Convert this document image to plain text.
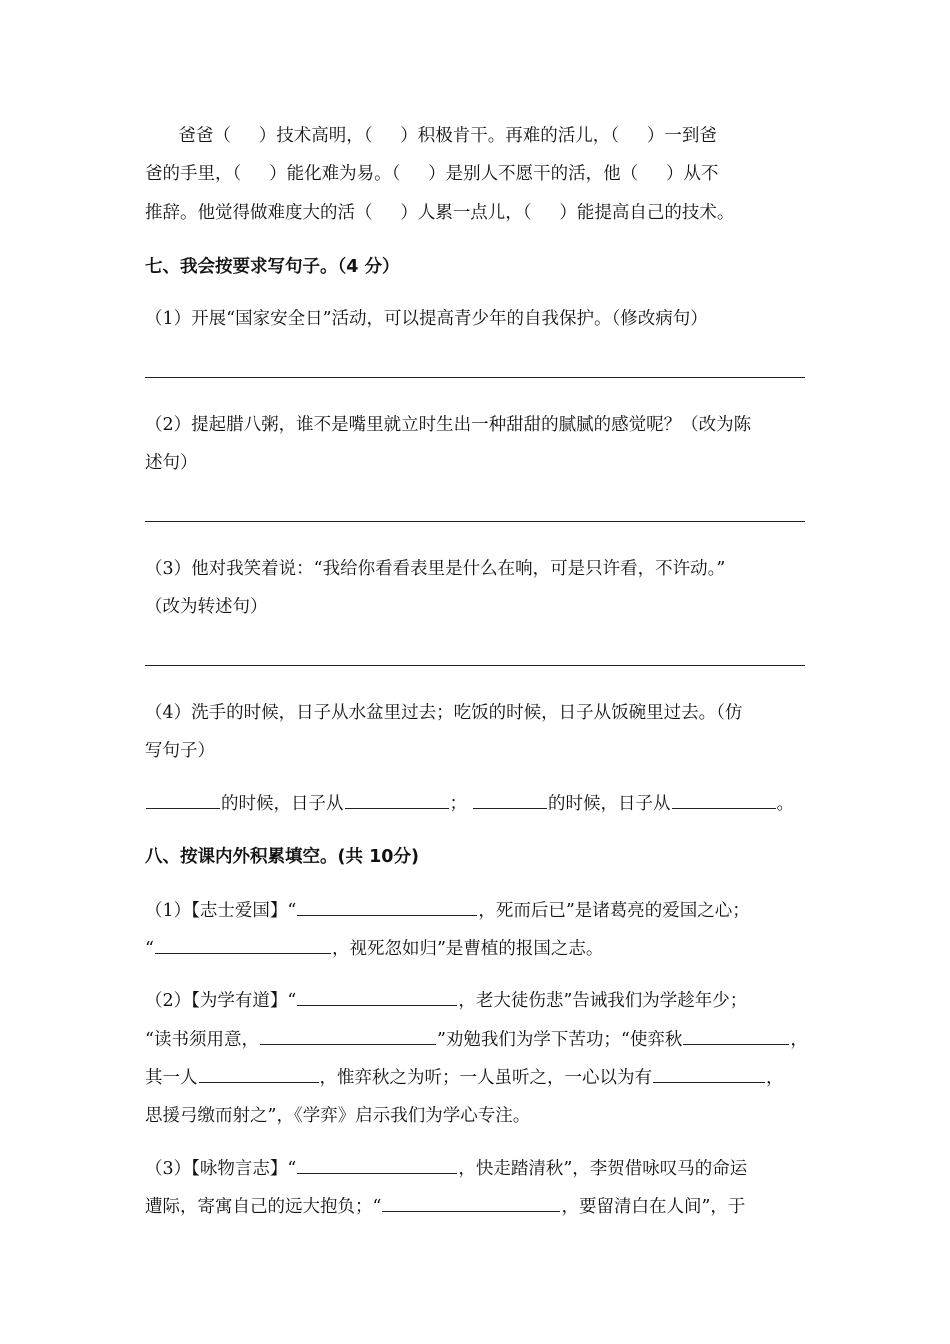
爸爸（     ）技术高明，（     ）积极肯干。再难的活儿，（     ）一到爸
爸的手里，（     ）能化难为易。（     ）是别人不愿干的活，他（     ）从不
推辞。他觉得做难度大的活（     ）人累一点儿，（     ）能提高自己的技术。
七、我会按要求写句子。（4 分）
（1）开展“国家安全日”活动，可以提高青少年的自我保护。（修改病句）
（2）提起腊八粥，谁不是嘴里就立时生出一种甜甜的腻腻的感觉呢？（改为陈
述句）
（3）他对我笑着说：“我给你看看表里是什么在响，可是只许看，不许动。”
（改为转述句）
（4）洗手的时候，日子从水盆里过去；吃饭的时候，日子从饭碗里过去。（仿
写句子）
的时候，日子从	；	的时候，日子从	。
八、按课内外积累填空。(共 10分)
（1）【志士爱国】“	，死而后已”是诸葛亮的爱国之心；
“	，视死忽如归”是曹植的报国之志。
（2）【为学有道】“	，老大徒伤悲”告诫我们为学趁年少；
“读书须用意，	”劝勉我们为学下苦功；“使弈秋	，
其一人	，惟弈秋之为听；一人虽听之，一心以为有	，
思援弓缴而射之”，《学弈》启示我们为学心专注。
（3）【咏物言志】“	，快走踏清秋”，李贺借咏叹马的命运
遭际，寄寓自己的远大抱负；“	，要留清白在人间”，于
